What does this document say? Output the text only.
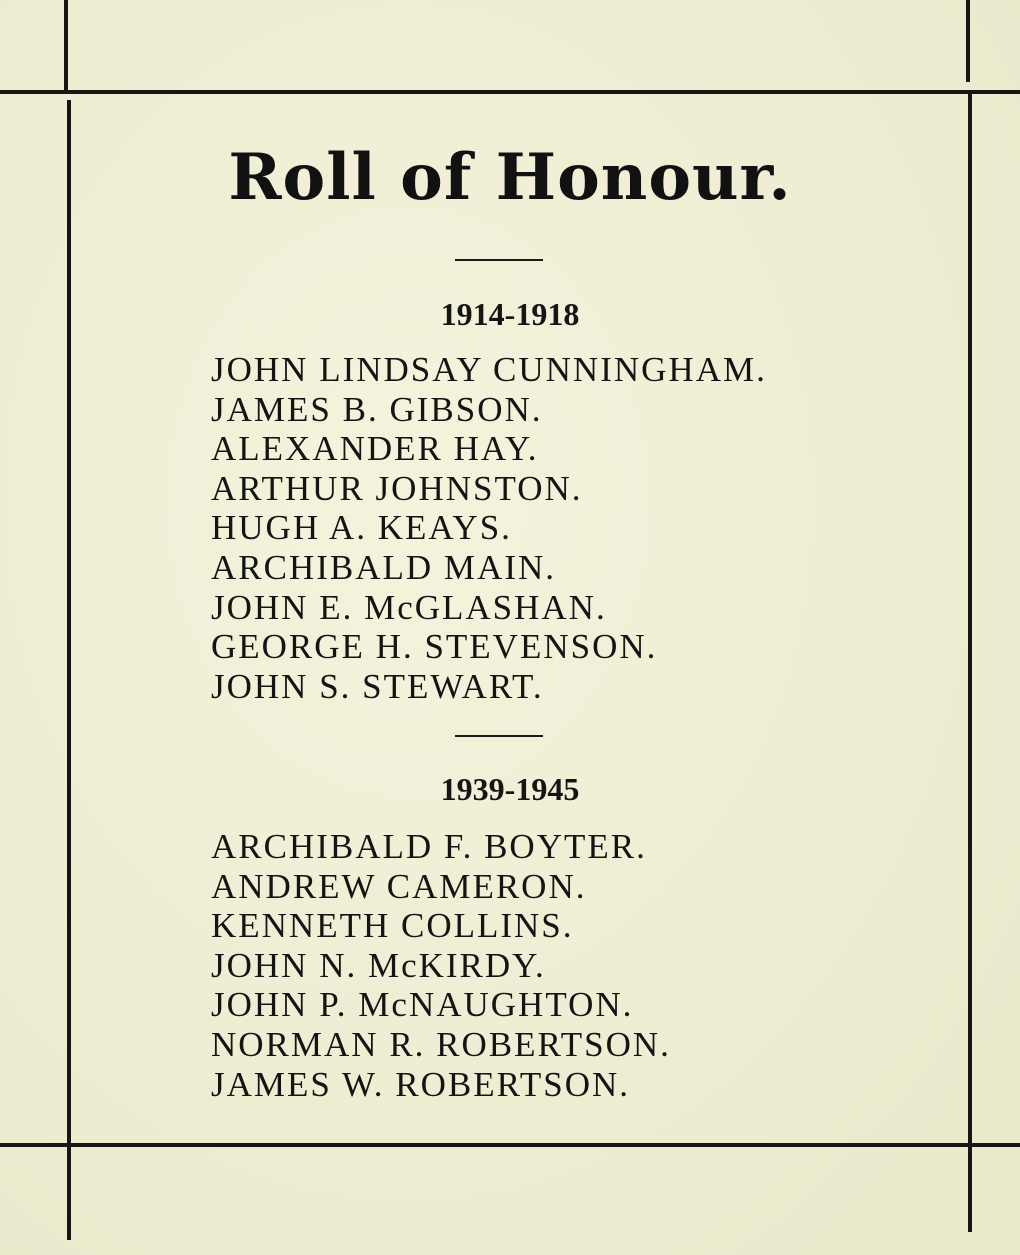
Roll of Honour.
1914-1918
JOHN LINDSAY CUNNINGHAM.
JAMES B. GIBSON.
ALEXANDER HAY.
ARTHUR JOHNSTON.
HUGH A. KEAYS.
ARCHIBALD MAIN.
JOHN E. McGLASHAN.
GEORGE H. STEVENSON.
JOHN S. STEWART.
1939-1945
ARCHIBALD F. BOYTER.
ANDREW CAMERON.
KENNETH COLLINS.
JOHN N. McKIRDY.
JOHN P. McNAUGHTON.
NORMAN R. ROBERTSON.
JAMES W. ROBERTSON.
